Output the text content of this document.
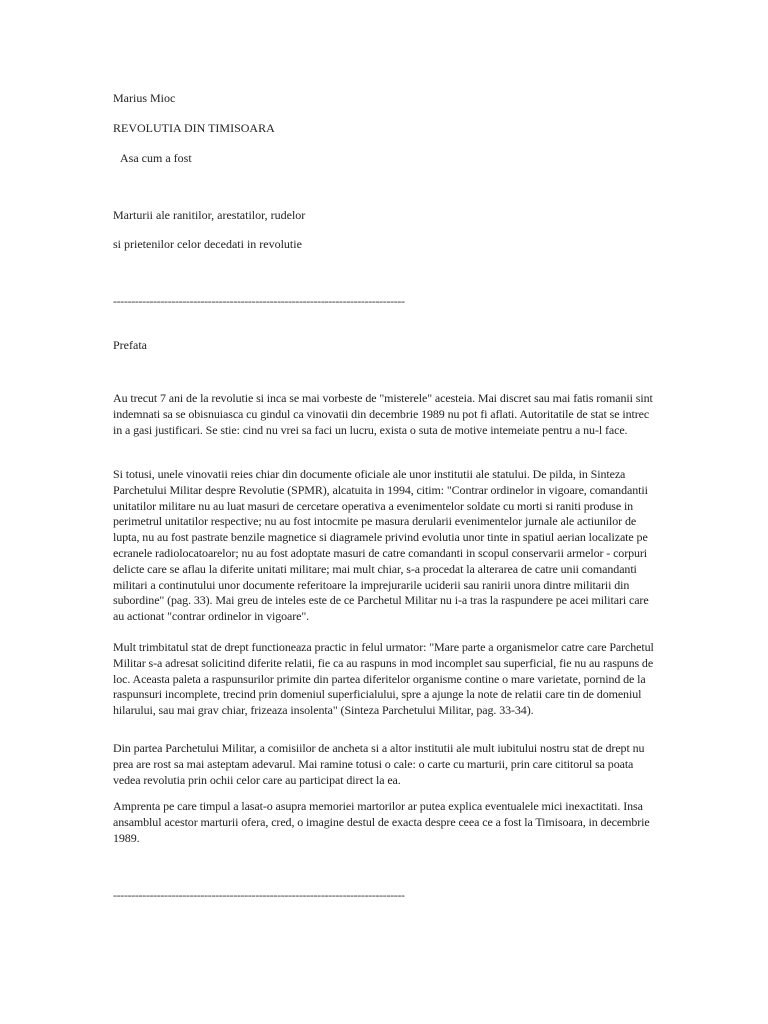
Marius Mioc

REVOLUTIA DIN TIMISOARA

Asa cum a fost

Marturii ale ranitilor, arestatilor, rudelor

si prietenilor celor decedati in revolutie

--------------------------------------------------------------------------------

Prefata

Au trecut 7 ani de la revolutie si inca se mai vorbeste de "misterele" acesteia. Mai discret sau mai fatis romanii sint indemnati sa se obisnuiasca cu gindul ca vinovatii din decembrie 1989 nu pot fi aflati. Autoritatile de stat se intrec in a gasi justificari. Se stie: cind nu vrei sa faci un lucru, exista o suta de motive intemeiate pentru a nu-l face.

Si totusi, unele vinovatii reies chiar din documente oficiale ale unor institutii ale statului. De pilda, in Sinteza Parchetului Militar despre Revolutie (SPMR), alcatuita in 1994, citim: "Contrar ordinelor in vigoare, comandantii unitatilor militare nu au luat masuri de cercetare operativa a evenimentelor soldate cu morti si raniti produse in perimetrul unitatilor respective; nu au fost intocmite pe masura derularii evenimentelor jurnale ale actiunilor de lupta, nu au fost pastrate benzile magnetice si diagramele privind evolutia unor tinte in spatiul aerian localizate pe ecranele radiolocatoarelor; nu au fost adoptate masuri de catre comandanti in scopul conservarii armelor - corpuri delicte care se aflau la diferite unitati militare; mai mult chiar, s-a procedat la alterarea de catre unii comandanti militari a continutului unor documente referitoare la imprejurarile uciderii sau ranirii unora dintre militarii din subordine" (pag. 33). Mai greu de inteles este de ce Parchetul Militar nu i-a tras la raspundere pe acei militari care au actionat "contrar ordinelor in vigoare".

Mult trimbitatul stat de drept functioneaza practic in felul urmator: "Mare parte a organismelor catre care Parchetul Militar s-a adresat solicitind diferite relatii, fie ca au raspuns in mod incomplet sau superficial, fie nu au raspuns de loc. Aceasta paleta a raspunsurilor primite din partea diferitelor organisme contine o mare varietate, pornind de la raspunsuri incomplete, trecind prin domeniul superficialului, spre a ajunge la note de relatii care tin de domeniul hilarului, sau mai grav chiar, frizeaza insolenta" (Sinteza Parchetului Militar, pag. 33-34).

Din partea Parchetului Militar, a comisiilor de ancheta si a altor institutii ale mult iubitului nostru stat de drept nu prea are rost sa mai asteptam adevarul. Mai ramine totusi o cale: o carte cu marturii, prin care cititorul sa poata vedea revolutia prin ochii celor care au participat direct la ea.

Amprenta pe care timpul a lasat-o asupra memoriei martorilor ar putea explica eventualele mici inexactitati. Insa ansamblul acestor marturii ofera, cred, o imagine destul de exacta despre ceea ce a fost la Timisoara, in decembrie 1989.

--------------------------------------------------------------------------------
